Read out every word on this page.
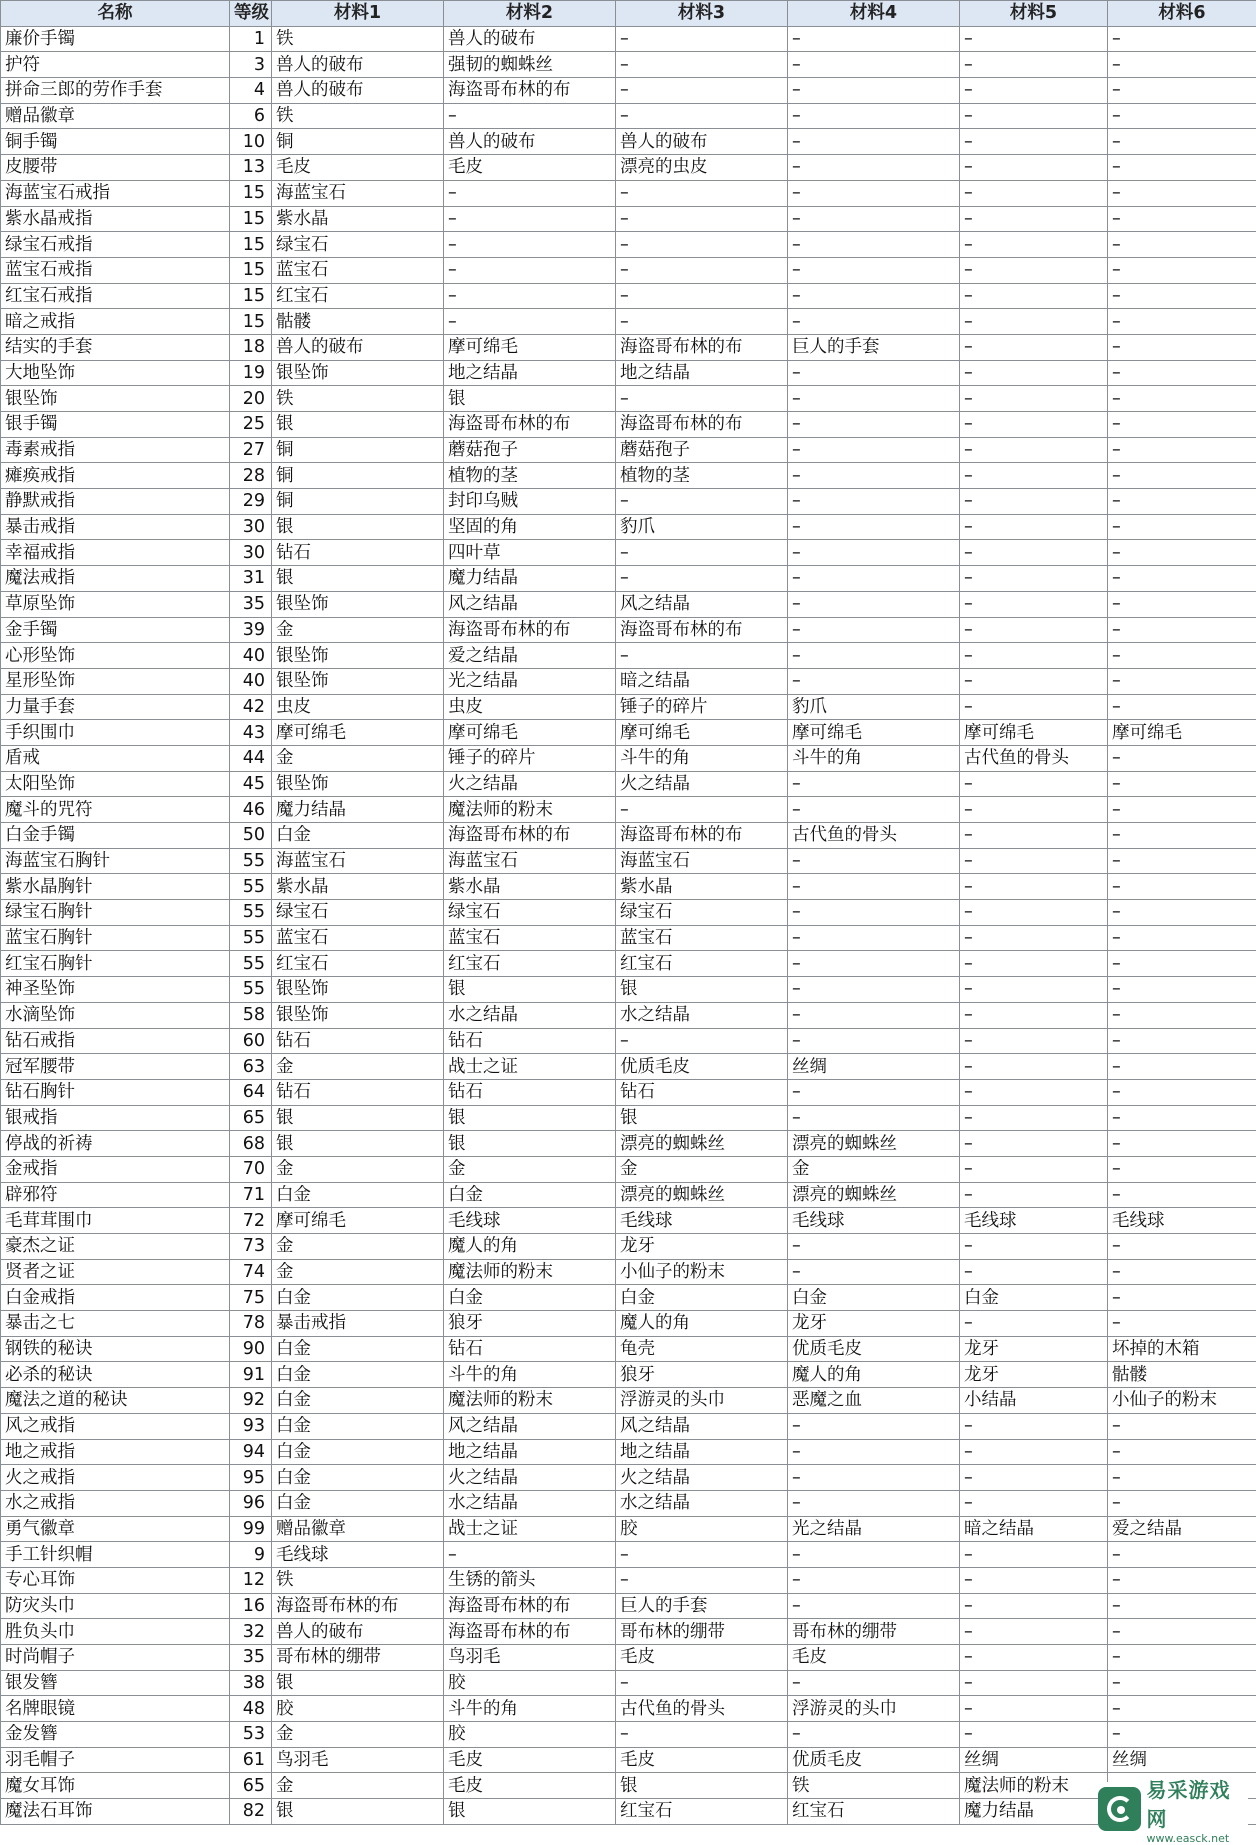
名称	等级	材料1	材料2	材料3	材料4	材料5	材料6
廉价手镯	1	铁	兽人的破布	–	–	–	–
护符	3	兽人的破布	强韧的蜘蛛丝	–	–	–	–
拼命三郎的劳作手套	4	兽人的破布	海盗哥布林的布	–	–	–	–
赠品徽章	6	铁	–	–	–	–	–
铜手镯	10	铜	兽人的破布	兽人的破布	–	–	–
皮腰带	13	毛皮	毛皮	漂亮的虫皮	–	–	–
海蓝宝石戒指	15	海蓝宝石	–	–	–	–	–
紫水晶戒指	15	紫水晶	–	–	–	–	–
绿宝石戒指	15	绿宝石	–	–	–	–	–
蓝宝石戒指	15	蓝宝石	–	–	–	–	–
红宝石戒指	15	红宝石	–	–	–	–	–
暗之戒指	15	骷髅	–	–	–	–	–
结实的手套	18	兽人的破布	摩可绵毛	海盗哥布林的布	巨人的手套	–	–
大地坠饰	19	银坠饰	地之结晶	地之结晶	–	–	–
银坠饰	20	铁	银	–	–	–	–
银手镯	25	银	海盗哥布林的布	海盗哥布林的布	–	–	–
毒素戒指	27	铜	蘑菇孢子	蘑菇孢子	–	–	–
瘫痪戒指	28	铜	植物的茎	植物的茎	–	–	–
静默戒指	29	铜	封印乌贼	–	–	–	–
暴击戒指	30	银	坚固的角	豹爪	–	–	–
幸福戒指	30	钻石	四叶草	–	–	–	–
魔法戒指	31	银	魔力结晶	–	–	–	–
草原坠饰	35	银坠饰	风之结晶	风之结晶	–	–	–
金手镯	39	金	海盗哥布林的布	海盗哥布林的布	–	–	–
心形坠饰	40	银坠饰	爱之结晶	–	–	–	–
星形坠饰	40	银坠饰	光之结晶	暗之结晶	–	–	–
力量手套	42	虫皮	虫皮	锤子的碎片	豹爪	–	–
手织围巾	43	摩可绵毛	摩可绵毛	摩可绵毛	摩可绵毛	摩可绵毛	摩可绵毛
盾戒	44	金	锤子的碎片	斗牛的角	斗牛的角	古代鱼的骨头	–
太阳坠饰	45	银坠饰	火之结晶	火之结晶	–	–	–
魔斗的咒符	46	魔力结晶	魔法师的粉末	–	–	–	–
白金手镯	50	白金	海盗哥布林的布	海盗哥布林的布	古代鱼的骨头	–	–
海蓝宝石胸针	55	海蓝宝石	海蓝宝石	海蓝宝石	–	–	–
紫水晶胸针	55	紫水晶	紫水晶	紫水晶	–	–	–
绿宝石胸针	55	绿宝石	绿宝石	绿宝石	–	–	–
蓝宝石胸针	55	蓝宝石	蓝宝石	蓝宝石	–	–	–
红宝石胸针	55	红宝石	红宝石	红宝石	–	–	–
神圣坠饰	55	银坠饰	银	银	–	–	–
水滴坠饰	58	银坠饰	水之结晶	水之结晶	–	–	–
钻石戒指	60	钻石	钻石	–	–	–	–
冠军腰带	63	金	战士之证	优质毛皮	丝绸	–	–
钻石胸针	64	钻石	钻石	钻石	–	–	–
银戒指	65	银	银	银	–	–	–
停战的祈祷	68	银	银	漂亮的蜘蛛丝	漂亮的蜘蛛丝	–	–
金戒指	70	金	金	金	金	–	–
辟邪符	71	白金	白金	漂亮的蜘蛛丝	漂亮的蜘蛛丝	–	–
毛茸茸围巾	72	摩可绵毛	毛线球	毛线球	毛线球	毛线球	毛线球
豪杰之证	73	金	魔人的角	龙牙	–	–	–
贤者之证	74	金	魔法师的粉末	小仙子的粉末	–	–	–
白金戒指	75	白金	白金	白金	白金	白金	–
暴击之七	78	暴击戒指	狼牙	魔人的角	龙牙	–	–
钢铁的秘诀	90	白金	钻石	龟壳	优质毛皮	龙牙	坏掉的木箱
必杀的秘诀	91	白金	斗牛的角	狼牙	魔人的角	龙牙	骷髅
魔法之道的秘诀	92	白金	魔法师的粉末	浮游灵的头巾	恶魔之血	小结晶	小仙子的粉末
风之戒指	93	白金	风之结晶	风之结晶	–	–	–
地之戒指	94	白金	地之结晶	地之结晶	–	–	–
火之戒指	95	白金	火之结晶	火之结晶	–	–	–
水之戒指	96	白金	水之结晶	水之结晶	–	–	–
勇气徽章	99	赠品徽章	战士之证	胶	光之结晶	暗之结晶	爱之结晶
手工针织帽	9	毛线球	–	–	–	–	–
专心耳饰	12	铁	生锈的箭头	–	–	–	–
防灾头巾	16	海盗哥布林的布	海盗哥布林的布	巨人的手套	–	–	–
胜负头巾	32	兽人的破布	海盗哥布林的布	哥布林的绷带	哥布林的绷带	–	–
时尚帽子	35	哥布林的绷带	鸟羽毛	毛皮	毛皮	–	–
银发簪	38	银	胶	–	–	–	–
名牌眼镜	48	胶	斗牛的角	古代鱼的骨头	浮游灵的头巾	–	–
金发簪	53	金	胶	–	–	–	–
羽毛帽子	61	鸟羽毛	毛皮	毛皮	优质毛皮	丝绸	丝绸
魔女耳饰	65	金	毛皮	银	铁	魔法师的粉末	
魔法石耳饰	82	银	银	红宝石	红宝石	魔力结晶	
易采游戏网
www.easck.net
